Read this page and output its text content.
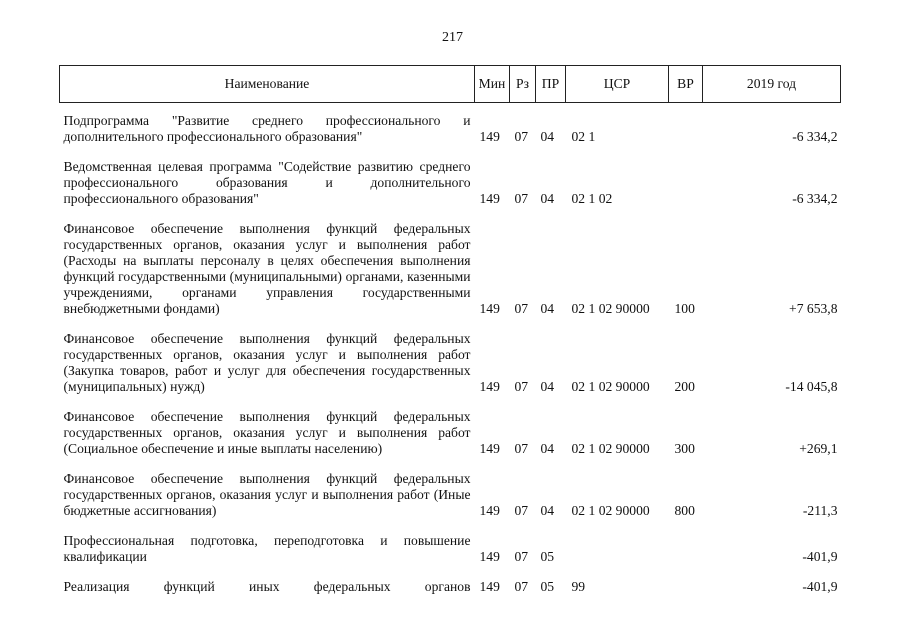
217
Наименование	Мин	Рз	ПР	ЦСР	ВР	2019 год
Подпрограмма "Развитие среднего профессионального и дополнительного профессионального образования"	149	07	04	02 1		-6 334,2
Ведомственная целевая программа "Содействие развитию среднего профессионального образования и дополнительного профессионального образования"	149	07	04	02 1 02		-6 334,2
Финансовое обеспечение выполнения функций федеральных государственных органов, оказания услуг и выполнения работ (Расходы на выплаты персоналу в целях обеспечения выполнения функций государственными (муниципальными) органами, казенными учреждениями, органами управления государственными внебюджетными фондами)	149	07	04	02 1 02 90000	100	+7 653,8
Финансовое обеспечение выполнения функций федеральных государственных органов, оказания услуг и выполнения работ (Закупка товаров, работ и услуг для обеспечения государственных (муниципальных) нужд)	149	07	04	02 1 02 90000	200	-14 045,8
Финансовое обеспечение выполнения функций федеральных государственных органов, оказания услуг и выполнения работ (Социальное обеспечение и иные выплаты населению)	149	07	04	02 1 02 90000	300	+269,1
Финансовое обеспечение выполнения функций федеральных государственных органов, оказания услуг и выполнения работ (Иные бюджетные ассигнования)	149	07	04	02 1 02 90000	800	-211,3
Профессиональная подготовка, переподготовка и повышение квалификации	149	07	05			-401,9
Реализация функций иных федеральных органов	149	07	05	99		-401,9
